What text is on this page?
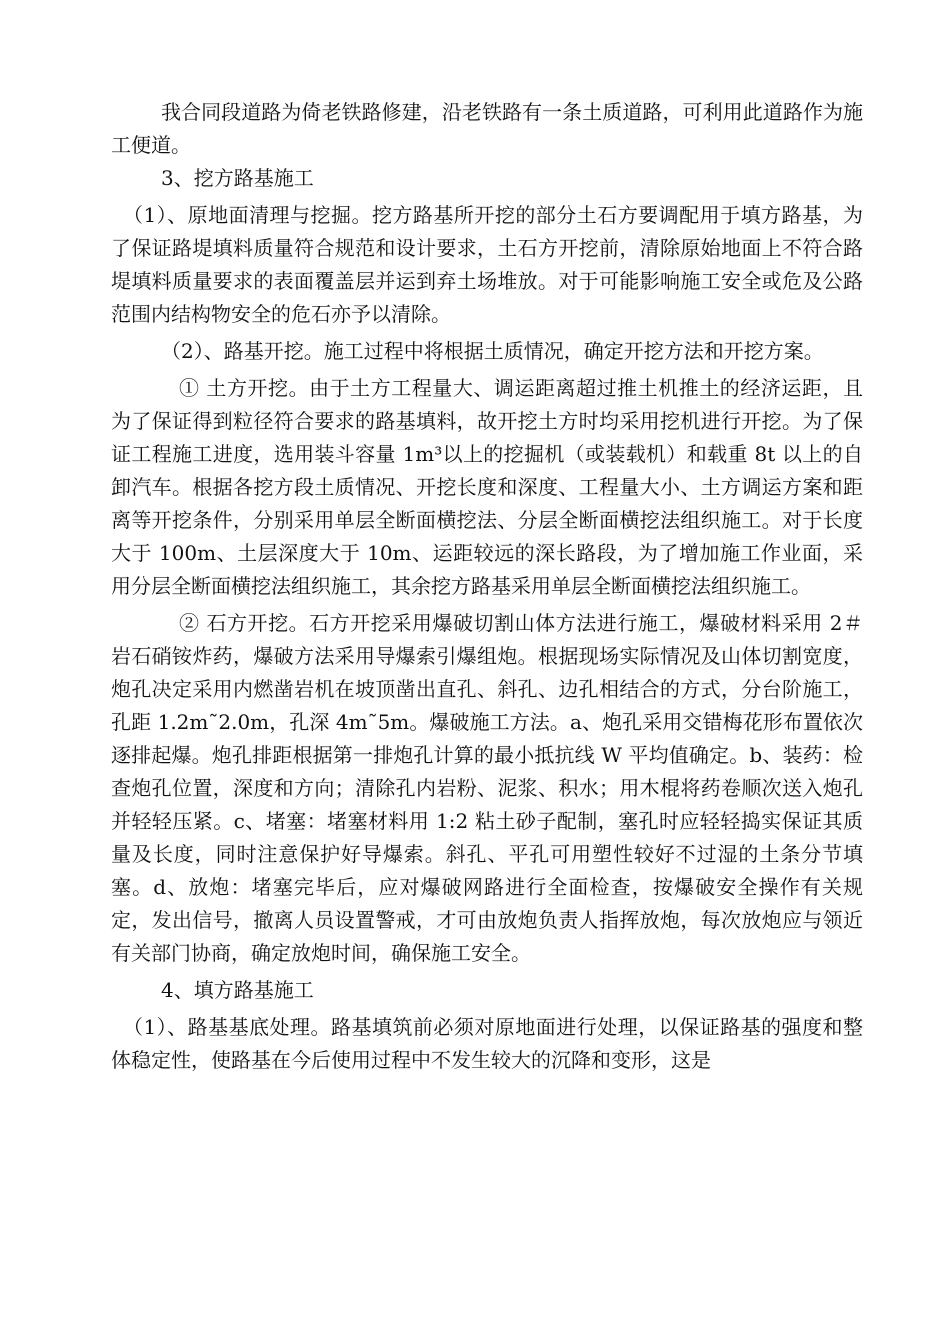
我合同段道路为倚老铁路修建，沿老铁路有一条土质道路，可利用此道路作为施工便道。

3、挖方路基施工

（1）、原地面清理与挖掘。挖方路基所开挖的部分土石方要调配用于填方路基，为了保证路堤填料质量符合规范和设计要求，土石方开挖前，清除原始地面上不符合路堤填料质量要求的表面覆盖层并运到弃土场堆放。对于可能影响施工安全或危及公路范围内结构物安全的危石亦予以清除。

（2）、路基开挖。施工过程中将根据土质情况，确定开挖方法和开挖方案。

① 土方开挖。由于土方工程量大、调运距离超过推土机推土的经济运距，且为了保证得到粒径符合要求的路基填料，故开挖土方时均采用挖机进行开挖。为了保证工程施工进度，选用装斗容量 1m³以上的挖掘机（或装载机）和载重 8t 以上的自卸汽车。根据各挖方段土质情况、开挖长度和深度、工程量大小、土方调运方案和距离等开挖条件，分别采用单层全断面横挖法、分层全断面横挖法组织施工。对于长度大于 100m、土层深度大于 10m、运距较远的深长路段，为了增加施工作业面，采用分层全断面横挖法组织施工，其余挖方路基采用单层全断面横挖法组织施工。

② 石方开挖。石方开挖采用爆破切割山体方法进行施工，爆破材料采用 2＃岩石硝铵炸药，爆破方法采用导爆索引爆组炮。根据现场实际情况及山体切割宽度，炮孔决定采用内燃凿岩机在坡顶凿出直孔、斜孔、边孔相结合的方式，分台阶施工，孔距 1.2m˜2.0m，孔深 4m˜5m。爆破施工方法。a、炮孔采用交错梅花形布置依次逐排起爆。炮孔排距根据第一排炮孔计算的最小抵抗线 W 平均值确定。b、装药：检查炮孔位置，深度和方向；清除孔内岩粉、泥浆、积水；用木棍将药卷顺次送入炮孔并轻轻压紧。c、堵塞：堵塞材料用 1:2 粘土砂子配制，塞孔时应轻轻捣实保证其质量及长度，同时注意保护好导爆索。斜孔、平孔可用塑性较好不过湿的土条分节填塞。d、放炮：堵塞完毕后，应对爆破网路进行全面检查，按爆破安全操作有关规定，发出信号，撤离人员设置警戒，才可由放炮负责人指挥放炮，每次放炮应与领近有关部门协商，确定放炮时间，确保施工安全。

4、填方路基施工

（1）、路基基底处理。路基填筑前必须对原地面进行处理，以保证路基的强度和整体稳定性，使路基在今后使用过程中不发生较大的沉降和变形，这是
